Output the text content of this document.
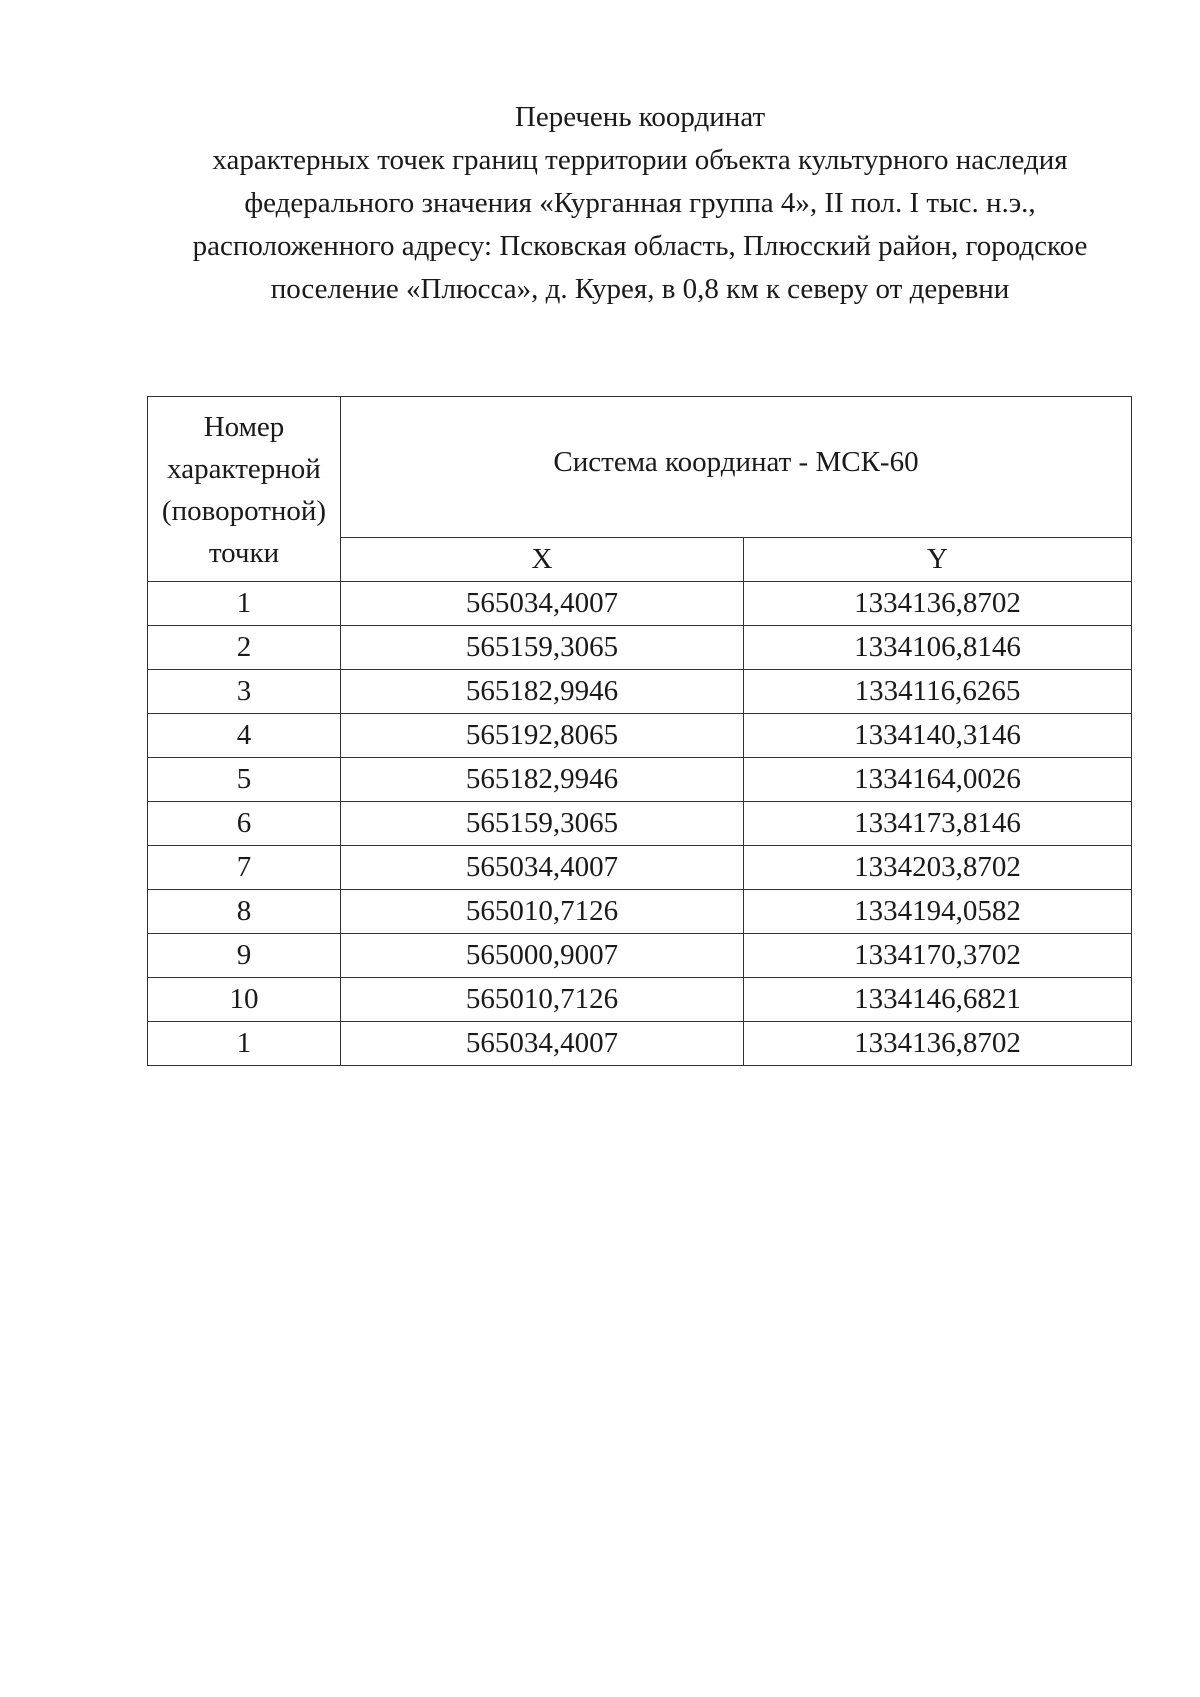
Перечень координат
характерных точек границ территории объекта культурного наследия
федерального значения «Курганная группа 4», II пол. I тыс. н.э.,
расположенного адресу: Псковская область, Плюсский район, городское
поселение «Плюсса», д. Курея, в 0,8 км к северу от деревни
Номер
характерной
(поворотной)
точки	Система координат - МСК-60	
	X	Y
1	565034,4007	1334136,8702
2	565159,3065	1334106,8146
3	565182,9946	1334116,6265
4	565192,8065	1334140,3146
5	565182,9946	1334164,0026
6	565159,3065	1334173,8146
7	565034,4007	1334203,8702
8	565010,7126	1334194,0582
9	565000,9007	1334170,3702
10	565010,7126	1334146,6821
1	565034,4007	1334136,8702
